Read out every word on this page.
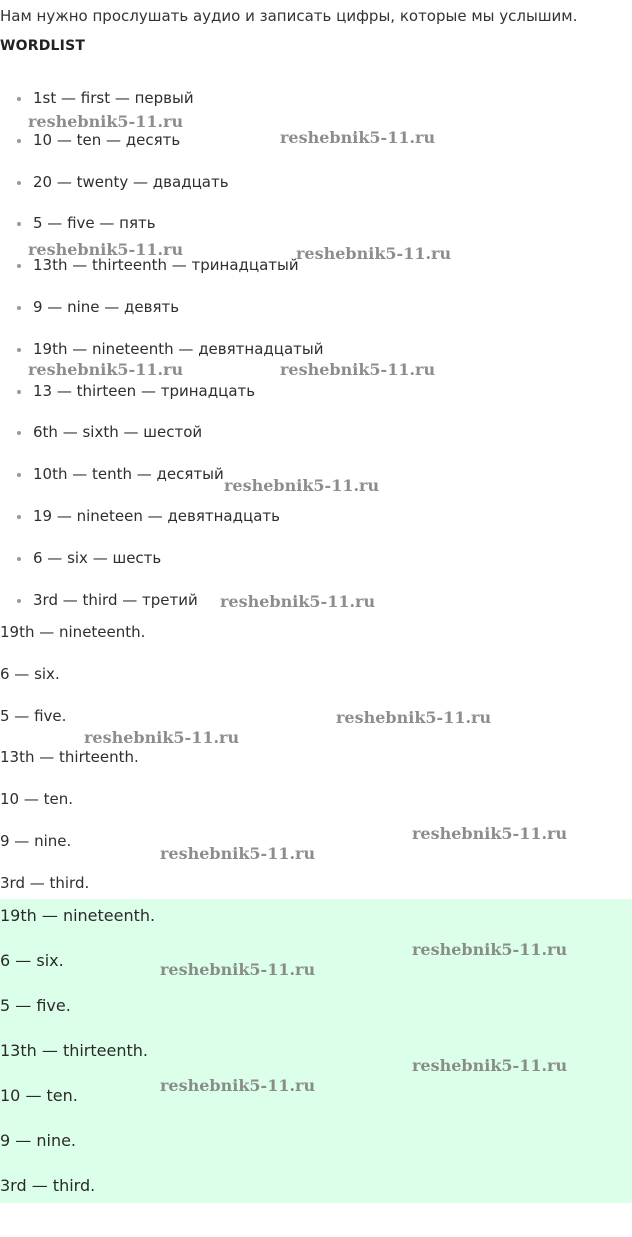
Нам нужно прослушать аудио и записать цифры, которые мы услышим.

WORDLIST

1st — first — первый
10 — ten — десять
20 — twenty — двадцать
5 — five — пять
13th — thirteenth — тринадцатый
9 — nine — девять
19th — nineteenth — девятнадцатый
13 — thirteen — тринадцать
6th — sixth — шестой
10th — tenth — десятый
19 — nineteen — девятнадцать
6 — six — шесть
3rd — third — третий
19th — nineteenth.
6 — six.
5 — five.
13th — thirteenth.
10 — ten.
9 — nine.
3rd — third.
19th — nineteenth.
6 — six.
5 — five.
13th — thirteenth.
10 — ten.
9 — nine.
3rd — third.
reshebnik5-11.ru
reshebnik5-11.ru
reshebnik5-11.ru	reshebnik5-11.ru
reshebnik5-11.ru	reshebnik5-11.ru
reshebnik5-11.ru
reshebnik5-11.ru
reshebnik5-11.ru
reshebnik5-11.ru
reshebnik5-11.ru
reshebnik5-11.ru
reshebnik5-11.ru
reshebnik5-11.ru
reshebnik5-11.ru
reshebnik5-11.ru
